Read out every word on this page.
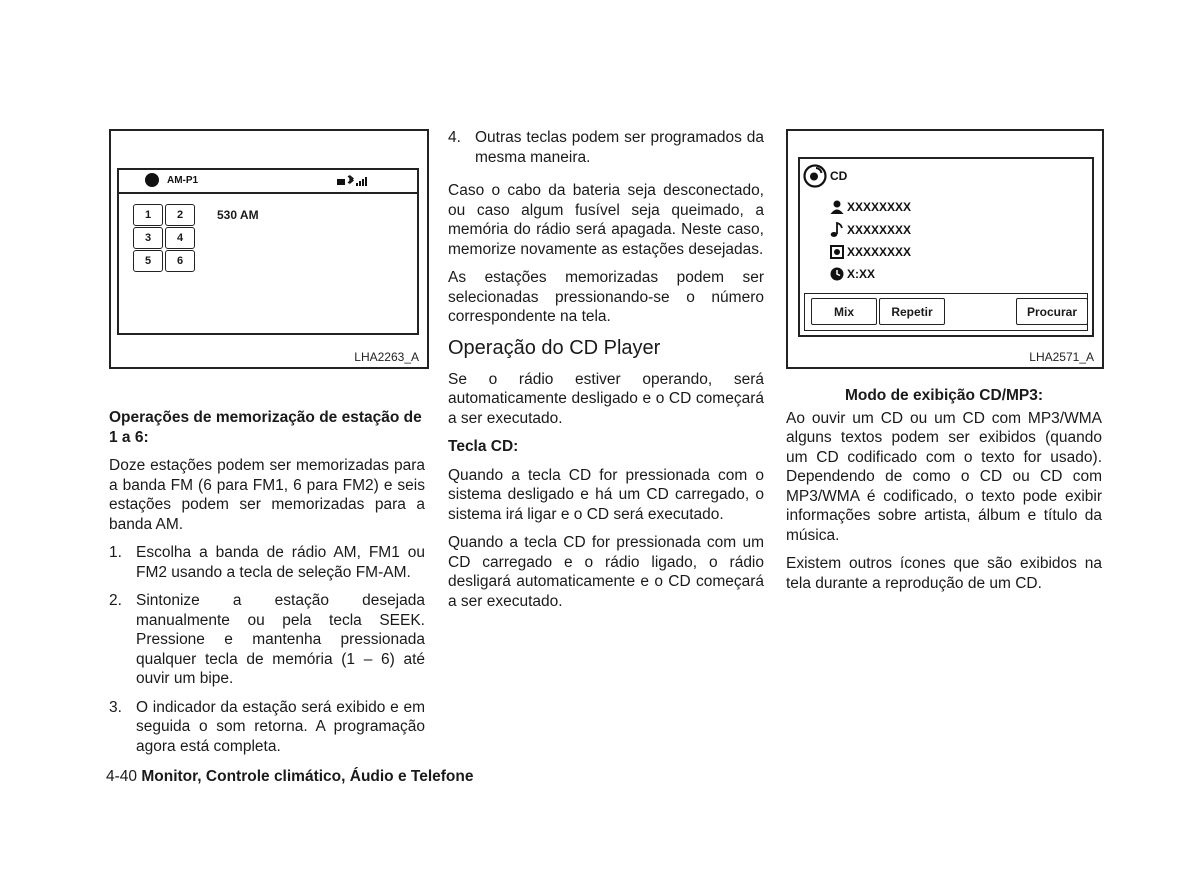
AM-P1
1	2
3	4
5	6
530 AM
LHA2263_A
Operações de memorização de estação de 1 a 6:

Doze estações podem ser memorizadas para a banda FM (6 para FM1, 6 para FM2) e seis estações podem ser memorizadas para a banda AM.

1. Escolha a banda de rádio AM, FM1 ou FM2 usando a tecla de seleção FM-AM.
2. Sintonize a estação desejada manualmente ou pela tecla SEEK. Pressione e mantenha pressionada qualquer tecla de memória (1 – 6) até ouvir um bipe.
3. O indicador da estação será exibido e em seguida o som retorna. A programação agora está completa.
4. Outras teclas podem ser programados da mesma maneira.

Caso o cabo da bateria seja desconectado, ou caso algum fusível seja queimado, a memória do rádio será apagada. Neste caso, memorize novamente as estações desejadas.

As estações memorizadas podem ser selecionadas pressionando-se o número correspondente na tela.

Operação do CD Player

Se o rádio estiver operando, será automaticamente desligado e o CD começará a ser executado.

Tecla CD:

Quando a tecla CD for pressionada com o sistema desligado e há um CD carregado, o sistema irá ligar e o CD será executado.

Quando a tecla CD for pressionada com um CD carregado e o rádio ligado, o rádio desligará automaticamente e o CD começará a ser executado.

CD
XXXXXXXX
XXXXXXXX
XXXXXXXX
X:XX
Mix	Repetir	Procurar
LHA2571_A
Modo de exibição CD/MP3:

Ao ouvir um CD ou um CD com MP3/WMA alguns textos podem ser exibidos (quando um CD codificado com o texto for usado). Dependendo de como o CD ou CD com MP3/WMA é codificado, o texto pode exibir informações sobre artista, álbum e título da música.

Existem outros ícones que são exibidos na tela durante a reprodução de um CD.

4-40 Monitor, Controle climático, Áudio e Telefone
